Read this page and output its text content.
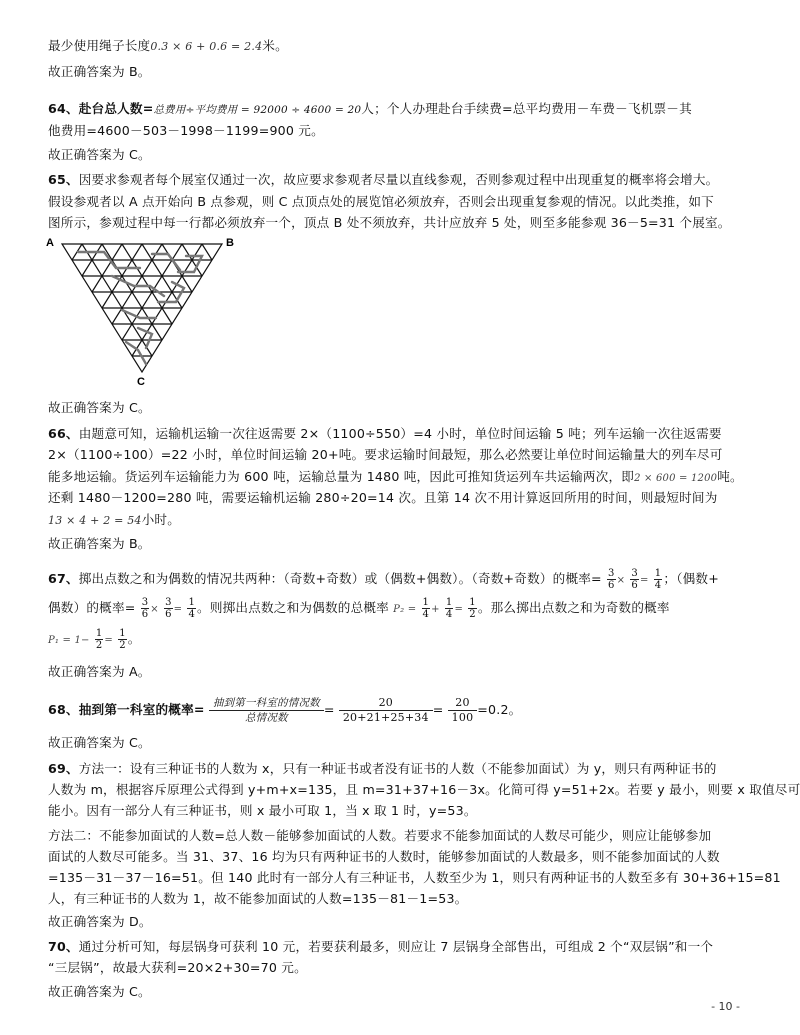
最少使用绳子长度0.3 × 6 + 0.6 = 2.4米。
故正确答案为 B。
64、赴台总人数=总费用÷平均费用 = 92000 ÷ 4600 = 20人；个人办理赴台手续费=总平均费用－车费－飞机票－其
他费用=4600－503－1998－1199=900 元。
故正确答案为 C。
65、因要求参观者每个展室仅通过一次，故应要求参观者尽量以直线参观，否则参观过程中出现重复的概率将会增大。
假设参观者以 A 点开始向 B 点参观，则 C 点顶点处的展览馆必须放弃，否则会出现重复参观的情况。以此类推，如下
图所示，参观过程中每一行都必须放弃一个，顶点 B 处不须放弃，共计应放弃 5 处，则至多能参观 36－5=31 个展室。
A	B
C
故正确答案为 C。
66、由题意可知，运输机运输一次往返需要 2×（1100÷550）=4 小时，单位时间运输 5 吨；列车运输一次往返需要
2×（1100÷100）=22 小时，单位时间运输 20+吨。要求运输时间最短，那么必然要让单位时间运输量大的列车尽可
能多地运输。货运列车运输能力为 600 吨，运输总量为 1480 吨，因此可推知货运列车共运输两次，即2 × 600 = 1200吨。
还剩 1480－1200=280 吨，需要运输机运输 280÷20=14 次。且第 14 次不用计算返回所用的时间，则最短时间为
13 × 4 + 2 = 54小时。
故正确答案为 B。
67、掷出点数之和为偶数的情况共两种：（奇数+奇数）或（偶数+偶数）。（奇数+奇数）的概率= $\frac{3}{6} \times \frac{3}{6} = \frac{1}{4}$ ；（偶数+
偶数）的概率= $\frac{3}{6} \times \frac{3}{6} = \frac{1}{4}$ 。则掷出点数之和为偶数的总概率 $P_2 = \frac{1}{4} + \frac{1}{4} = \frac{1}{2}$ 。那么掷出点数之和为奇数的概率
$P_1 = 1- \frac{1}{2} = \frac{1}{2}$ 。
故正确答案为 A。
68、抽到第一科室的概率= $\frac{\text{抽到第一科室的情况数}}{\text{总情况数}} = \frac{20}{20+21+25+34} = \frac{20}{100} =0.2$。
故正确答案为 C。
69、方法一：设有三种证书的人数为 x，只有一种证书或者没有证书的人数（不能参加面试）为 y，则只有两种证书的
人数为 m，根据容斥原理公式得到 y+m+x=135，且 m=31+37+16－3x。化简可得 y=51+2x。若要 y 最小，则要 x 取值尽可
能小。因有一部分人有三种证书，则 x 最小可取 1，当 x 取 1 时，y=53。
方法二：不能参加面试的人数=总人数－能够参加面试的人数。若要求不能参加面试的人数尽可能少，则应让能够参加
面试的人数尽可能多。当 31、37、16 均为只有两种证书的人数时，能够参加面试的人数最多，则不能参加面试的人数
=135－31－37－16=51。但 140 此时有一部分人有三种证书，人数至少为 1，则只有两种证书的人数至多有 30+36+15=81
人，有三种证书的人数为 1，故不能参加面试的人数=135－81－1=53。
故正确答案为 D。
70、通过分析可知，每层锅身可获利 10 元，若要获利最多，则应让 7 层锅身全部售出，可组成 2 个“双层锅”和一个
“三层锅”，故最大获利=20×2+30=70 元。
故正确答案为 C。
- 10 -
